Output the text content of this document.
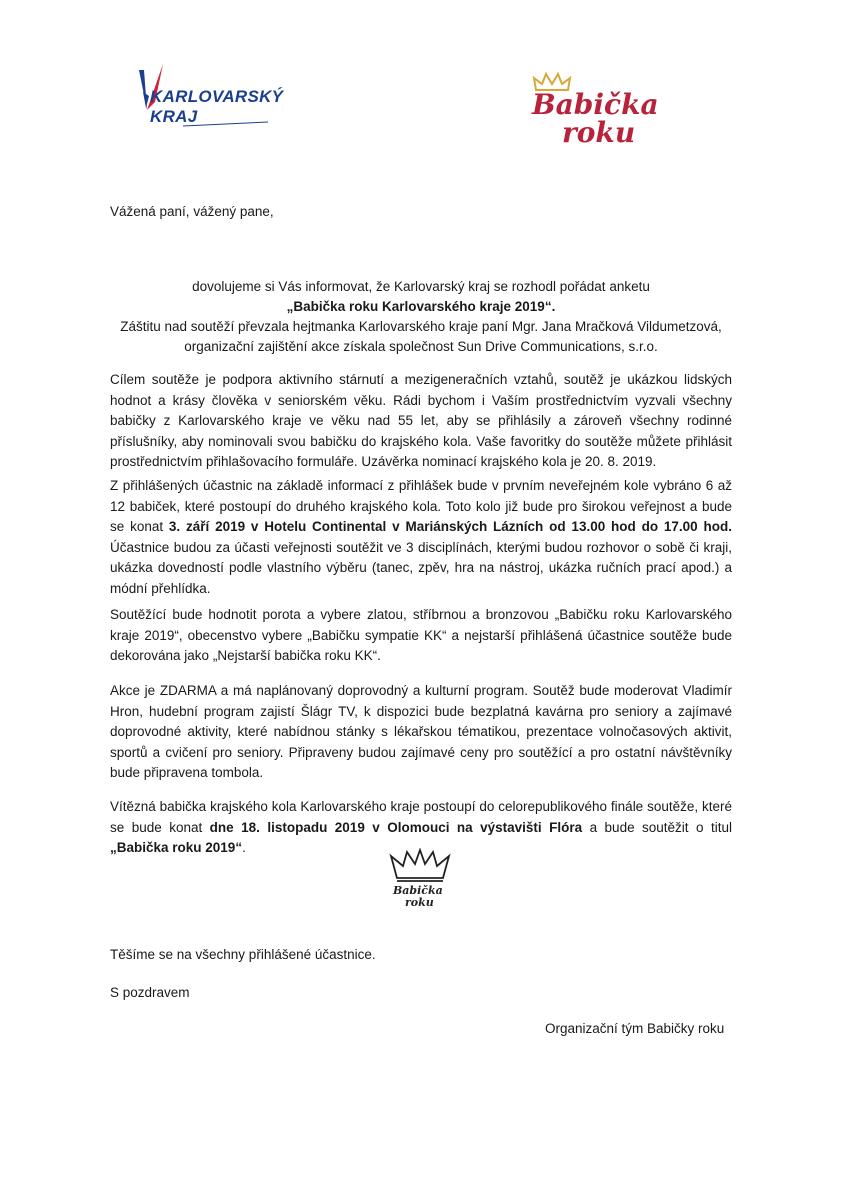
KARLOVARSKÝ
KRAJ	Babička
roku
Vážená paní, vážený pane,
dovolujeme si Vás informovat, že Karlovarský kraj se rozhodl pořádat anketu
„Babička roku Karlovarského kraje 2019“.
Záštitu nad soutěží převzala hejtmanka Karlovarského kraje paní Mgr. Jana Mračková Vildumetzová,
organizační zajištění akce získala společnost Sun Drive Communications, s.r.o.
Cílem soutěže je podpora aktivního stárnutí a mezigeneračních vztahů, soutěž je ukázkou lidských hodnot a krásy člověka v seniorském věku. Rádi bychom i Vaším prostřednictvím vyzvali všechny babičky z Karlovarského kraje ve věku nad 55 let, aby se přihlásily a zároveň všechny rodinné příslušníky, aby nominovali svou babičku do krajského kola. Vaše favoritky do soutěže můžete přihlásit prostřednictvím přihlašovacího formuláře. Uzávěrka nominací krajského kola je 20. 8. 2019.
Z přihlášených účastnic na základě informací z přihlášek bude v prvním neveřejném kole vybráno 6 až 12 babiček, které postoupí do druhého krajského kola. Toto kolo již bude pro širokou veřejnost a bude se konat 3. září 2019 v Hotelu Continental v Mariánských Lázních od 13.00 hod do 17.00 hod. Účastnice budou za účasti veřejnosti soutěžit ve 3 disciplínách, kterými budou rozhovor o sobě či kraji, ukázka dovedností podle vlastního výběru (tanec, zpěv, hra na nástroj, ukázka ručních prací apod.) a módní přehlídka.
Soutěžící bude hodnotit porota a vybere zlatou, stříbrnou a bronzovou „Babičku roku Karlovarského kraje 2019“, obecenstvo vybere „Babičku sympatie KK“ a nejstarší přihlášená účastnice soutěže bude dekorována jako „Nejstarší babička roku KK“.
Akce je ZDARMA a má naplánovaný doprovodný a kulturní program. Soutěž bude moderovat Vladimír Hron, hudební program zajistí Šlágr TV, k dispozici bude bezplatná kavárna pro seniory a zajímavé doprovodné aktivity, které nabídnou stánky s lékařskou tématikou, prezentace volnočasových aktivit, sportů a cvičení pro seniory. Připraveny budou zajímavé ceny pro soutěžící a pro ostatní návštěvníky bude připravena tombola.
Vítězná babička krajského kola Karlovarského kraje postoupí do celorepublikového finále soutěže, které se bude konat dne 18. listopadu 2019 v Olomouci na výstavišti Flóra a bude soutěžit o titul „Babička roku 2019“.
Babička
roku
Těšíme se na všechny přihlášené účastnice.
S pozdravem
Organizační tým Babičky roku
